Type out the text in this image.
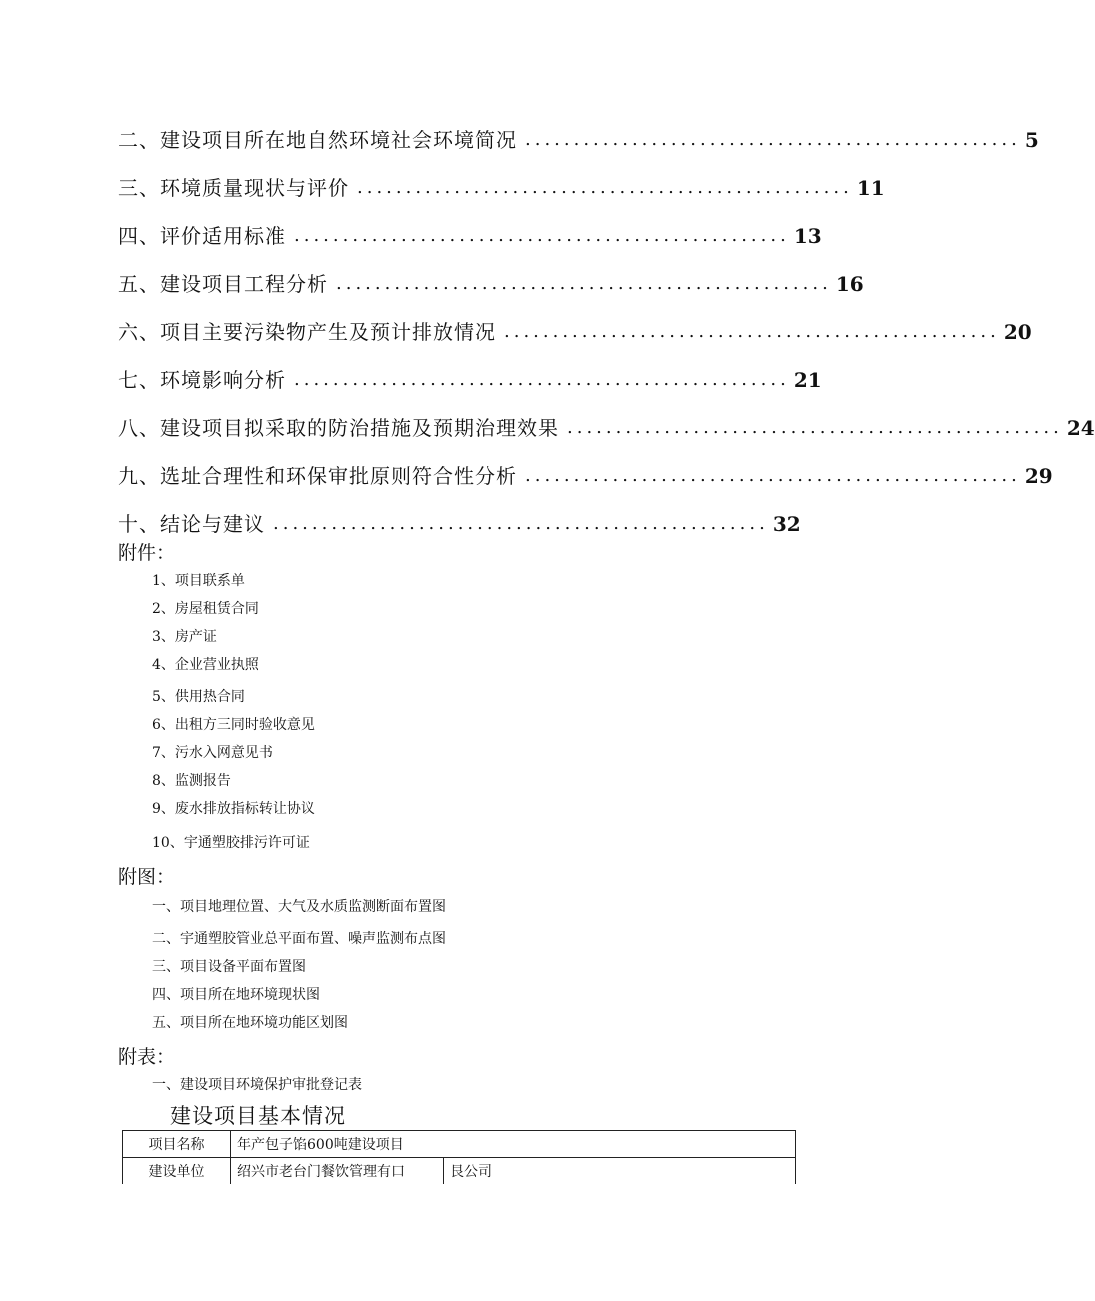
二、建设项目所在地自然环境社会环境简况 ................................................... 5
三、环境质量现状与评价 ................................................... 11
四、评价适用标准 ................................................... 13
五、建设项目工程分析 ................................................... 16
六、项目主要污染物产生及预计排放情况 ................................................... 20
七、环境影响分析 ................................................... 21
八、建设项目拟采取的防治措施及预期治理效果 ................................................... 24
九、选址合理性和环保审批原则符合性分析 ................................................... 29
十、结论与建议 ................................................... 32
附件：
1、项目联系单
2、房屋租赁合同
3、房产证
4、企业营业执照
5、供用热合同
6、出租方三同时验收意见
7、污水入网意见书
8、监测报告
9、废水排放指标转让协议
10、宇通塑胶排污许可证
附图：
一、项目地理位置、大气及水质监测断面布置图
二、宇通塑胶管业总平面布置、噪声监测布点图
三、项目设备平面布置图
四、项目所在地环境现状图
五、项目所在地环境功能区划图
附表：
一、建设项目环境保护审批登记表
建设项目基本情况
项目名称	年产包子馅600吨建设项目	
建设单位	绍兴市老台门餐饮管理有口	艮公司
